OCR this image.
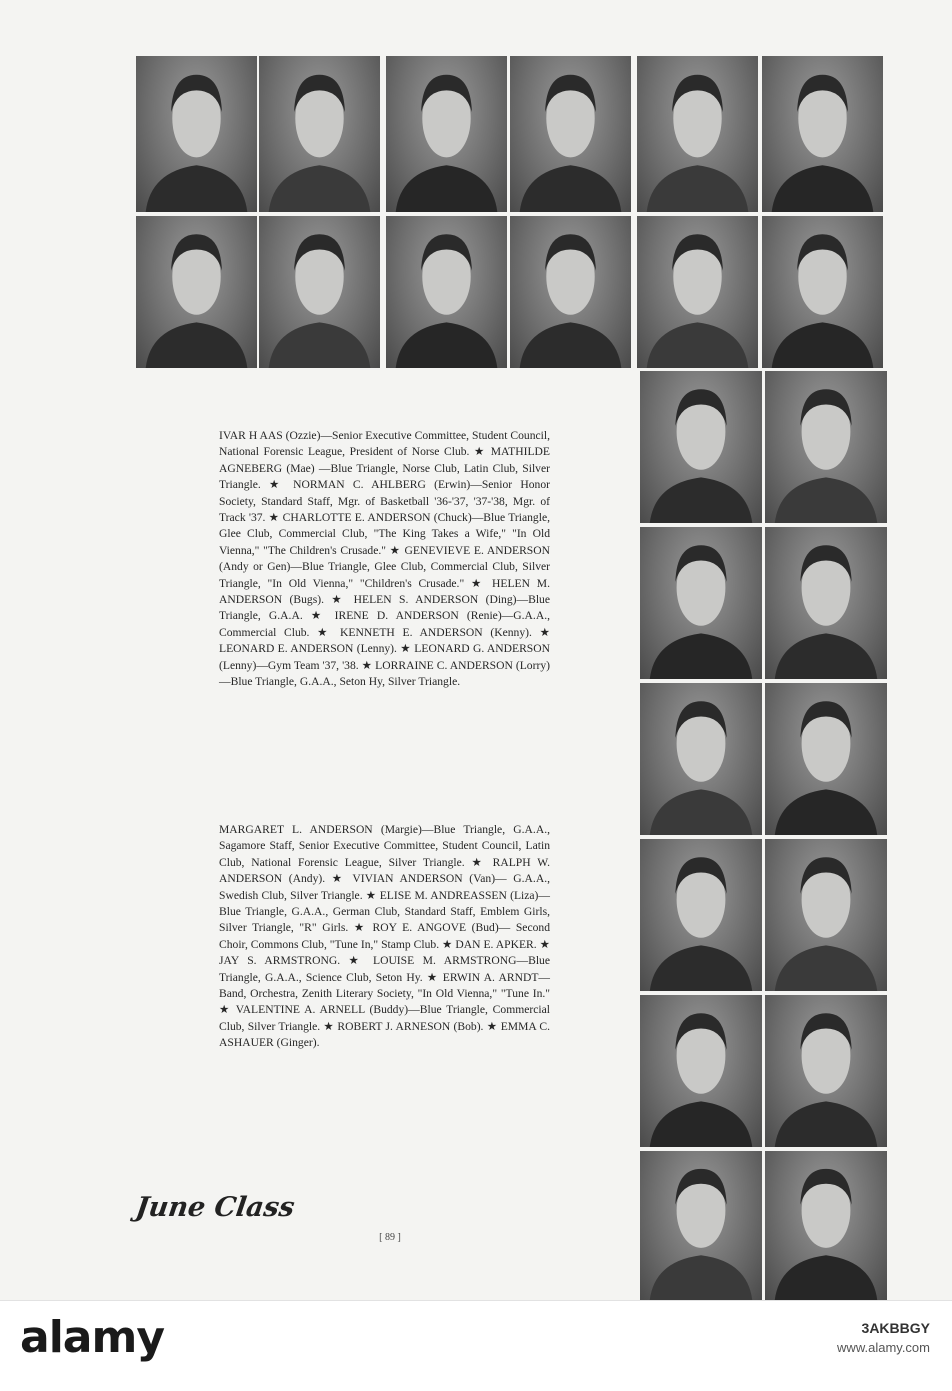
IVAR H AAS (Ozzie)—Senior Executive Committee, Student Council, National Forensic League, President of Norse Club. ★ MATHILDE AGNEBERG (Mae) —Blue Triangle, Norse Club, Latin Club, Silver Triangle. ★ NORMAN C. AHLBERG (Erwin)—Senior Honor Society, Standard Staff, Mgr. of Basketball '36-'37, '37-'38, Mgr. of Track '37. ★ CHARLOTTE E. ANDERSON (Chuck)—Blue Triangle, Glee Club, Commercial Club, "The King Takes a Wife," "In Old Vienna," "The Children's Crusade." ★ GENEVIEVE E. ANDERSON (Andy or Gen)—Blue Triangle, Glee Club, Commercial Club, Silver Triangle, "In Old Vienna," "Children's Crusade." ★ HELEN M. ANDERSON (Bugs). ★ HELEN S. ANDERSON (Ding)—Blue Triangle, G.A.A. ★ IRENE D. ANDERSON (Renie)—G.A.A., Commercial Club. ★ KENNETH E. ANDERSON (Kenny). ★ LEONARD E. ANDERSON (Lenny). ★ LEONARD G. ANDERSON (Lenny)—Gym Team '37, '38. ★ LORRAINE C. ANDERSON (Lorry)—Blue Triangle, G.A.A., Seton Hy, Silver Triangle.

MARGARET L. ANDERSON (Margie)—Blue Triangle, G.A.A., Sagamore Staff, Senior Executive Committee, Student Council, Latin Club, National Forensic League, Silver Triangle. ★ RALPH W. ANDERSON (Andy). ★ VIVIAN ANDERSON (Van)— G.A.A., Swedish Club, Silver Triangle. ★ ELISE M. ANDREASSEN (Liza)—Blue Triangle, G.A.A., German Club, Standard Staff, Emblem Girls, Silver Triangle, "R" Girls. ★ ROY E. ANGOVE (Bud)— Second Choir, Commons Club, "Tune In," Stamp Club. ★ DAN E. APKER. ★ JAY S. ARMSTRONG. ★ LOUISE M. ARMSTRONG—Blue Triangle, G.A.A., Science Club, Seton Hy. ★ ERWIN A. ARNDT—Band, Orchestra, Zenith Literary Society, "In Old Vienna," "Tune In." ★ VALENTINE A. ARNELL (Buddy)—Blue Triangle, Commercial Club, Silver Triangle. ★ ROBERT J. ARNESON (Bob). ★ EMMA C. ASHAUER (Ginger).

June Class
[ 89 ]
alamy	3AKBBGY
www.alamy.com
